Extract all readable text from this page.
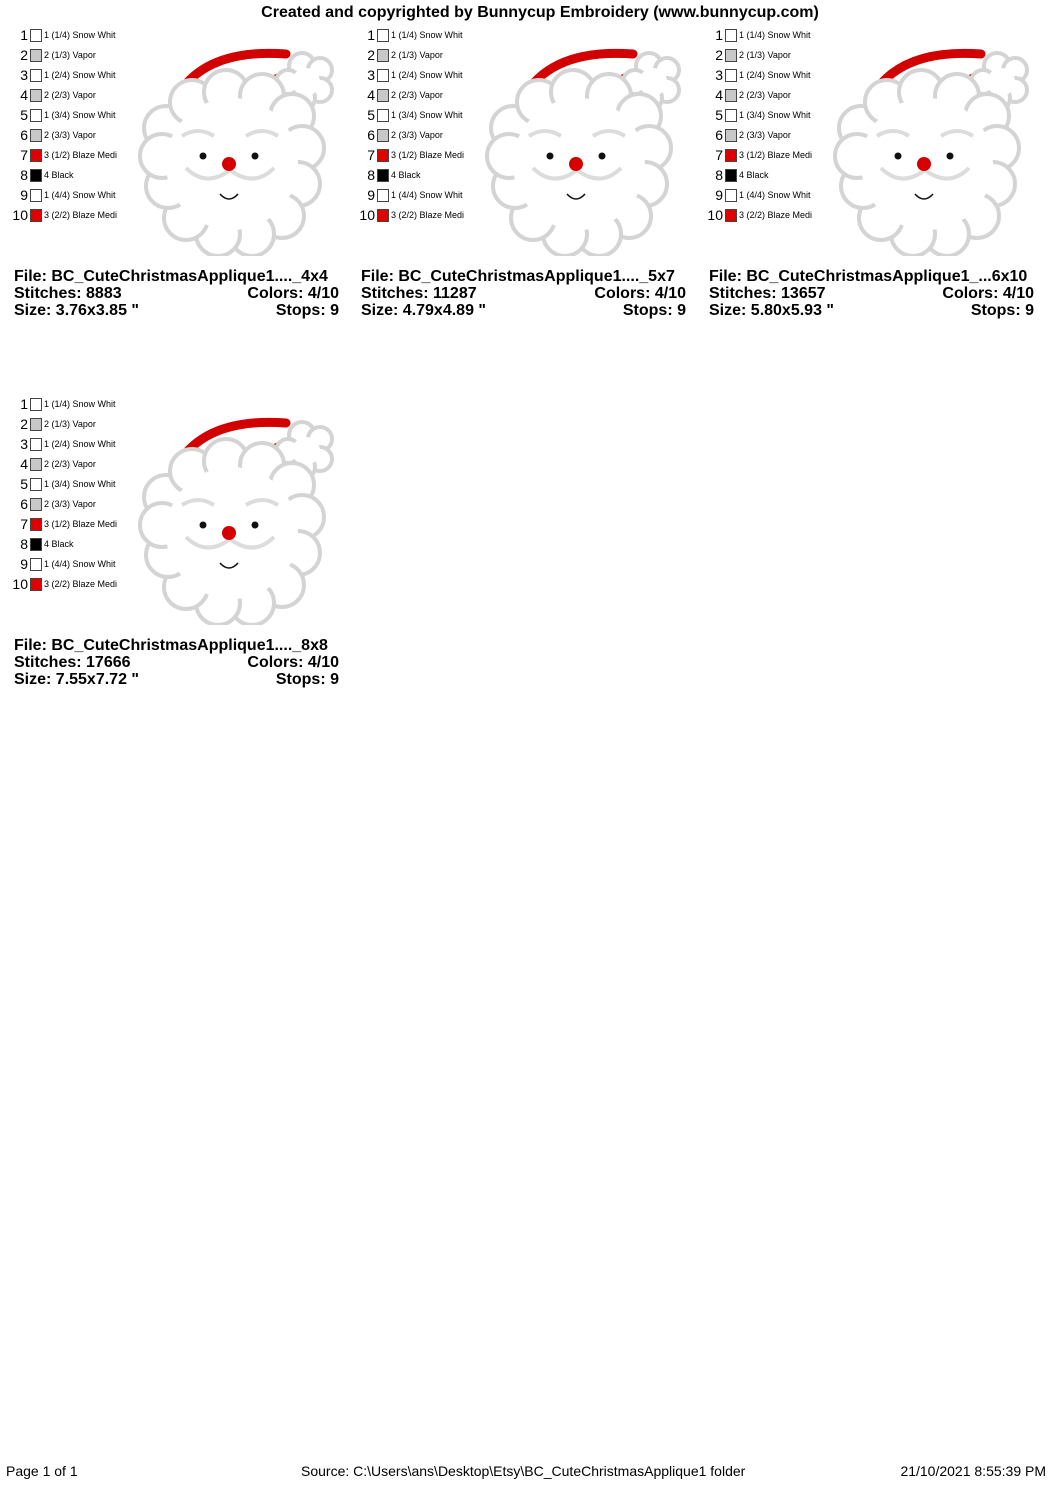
Created and copyrighted by Bunnycup Embroidery (www.bunnycup.com)
1 1 (1/4) Snow Whit
2 2 (1/3) Vapor
3 1 (2/4) Snow Whit
4 2 (2/3) Vapor
5 1 (3/4) Snow Whit
6 2 (3/3) Vapor
7 3 (1/2) Blaze Medi
8 4 Black
9 1 (4/4) Snow Whit
10 3 (2/2) Blaze Medi
File: BC_CuteChristmasApplique1...._4x4
Stitches: 8883	Colors: 4/10
Size: 3.76x3.85 "	Stops: 9
1 1 (1/4) Snow Whit
2 2 (1/3) Vapor
3 1 (2/4) Snow Whit
4 2 (2/3) Vapor
5 1 (3/4) Snow Whit
6 2 (3/3) Vapor
7 3 (1/2) Blaze Medi
8 4 Black
9 1 (4/4) Snow Whit
10 3 (2/2) Blaze Medi
File: BC_CuteChristmasApplique1...._5x7
Stitches: 11287	Colors: 4/10
Size: 4.79x4.89 "	Stops: 9
1 1 (1/4) Snow Whit
2 2 (1/3) Vapor
3 1 (2/4) Snow Whit
4 2 (2/3) Vapor
5 1 (3/4) Snow Whit
6 2 (3/3) Vapor
7 3 (1/2) Blaze Medi
8 4 Black
9 1 (4/4) Snow Whit
10 3 (2/2) Blaze Medi
File: BC_CuteChristmasApplique1_...6x10
Stitches: 13657	Colors: 4/10
Size: 5.80x5.93 "	Stops: 9
1 1 (1/4) Snow Whit
2 2 (1/3) Vapor
3 1 (2/4) Snow Whit
4 2 (2/3) Vapor
5 1 (3/4) Snow Whit
6 2 (3/3) Vapor
7 3 (1/2) Blaze Medi
8 4 Black
9 1 (4/4) Snow Whit
10 3 (2/2) Blaze Medi
File: BC_CuteChristmasApplique1...._8x8
Stitches: 17666	Colors: 4/10
Size: 7.55x7.72 "	Stops: 9
Page 1 of 1	Source: C:\Users\ans\Desktop\Etsy\BC_CuteChristmasApplique1 folder	21/10/2021 8:55:39 PM
